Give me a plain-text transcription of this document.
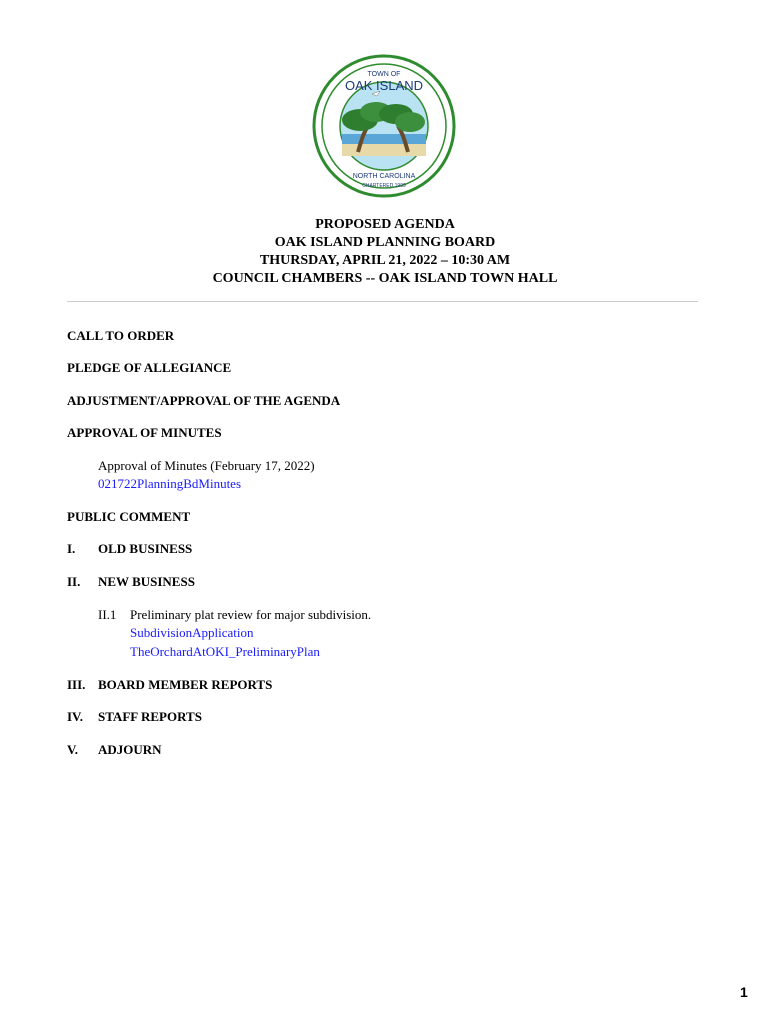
TOWN OF
OAK ISLAND
NORTH CAROLINA
CHARTERED 1999
PROPOSED AGENDA
OAK ISLAND PLANNING BOARD
THURSDAY, APRIL 21, 2022 – 10:30 AM
COUNCIL CHAMBERS -- OAK ISLAND TOWN HALL
CALL TO ORDER
PLEDGE OF ALLEGIANCE
ADJUSTMENT/APPROVAL OF THE AGENDA
APPROVAL OF MINUTES
Approval of Minutes (February 17, 2022)
021722PlanningBdMinutes
PUBLIC COMMENT
I. OLD BUSINESS
II. NEW BUSINESS
II.1 Preliminary plat review for major subdivision.
SubdivisionApplication
TheOrchardAtOKI_PreliminaryPlan
III. BOARD MEMBER REPORTS
IV. STAFF REPORTS
V. ADJOURN
1
